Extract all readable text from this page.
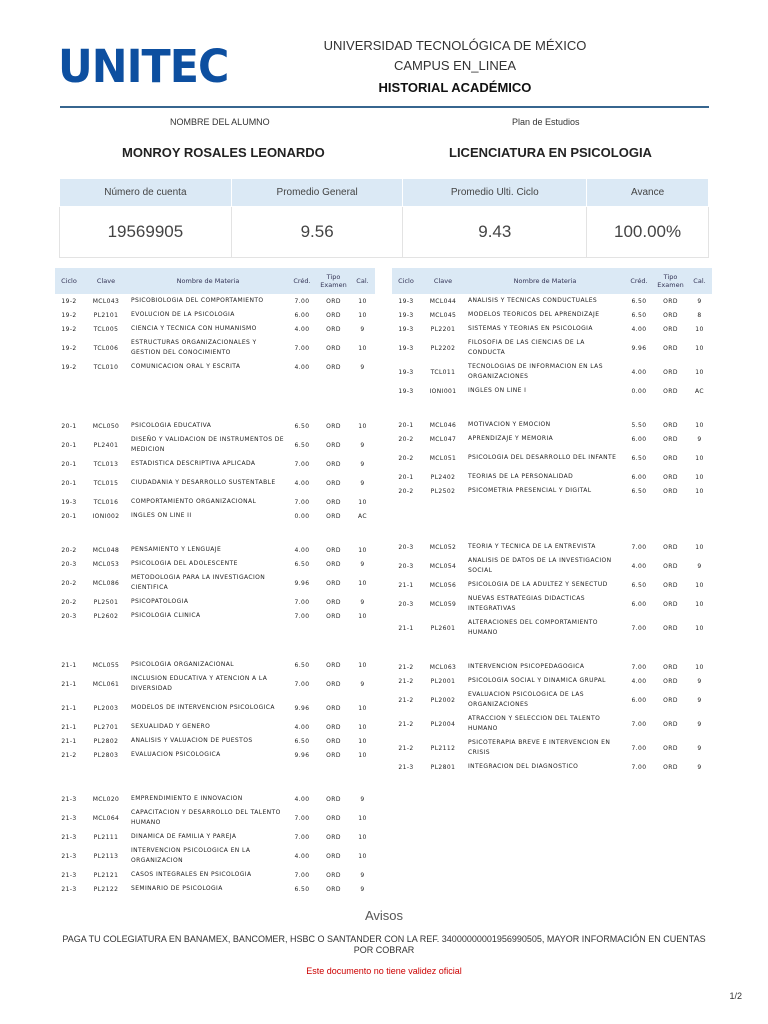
UNITEC	UNIVERSIDAD TECNOLÓGICA DE MÉXICO
CAMPUS EN_LINEA
HISTORIAL ACADÉMICO
NOMBRE DEL ALUMNO	Plan de Estudios
MONROY ROSALES LEONARDO	LICENCIATURA EN PSICOLOGIA
Número de cuenta	Promedio General	Promedio Ulti. Ciclo	Avance
19569905	9.56	9.43	100.00%
Ciclo	Clave	Nombre de Materia	Créd.	Tipo Examen	Cal.
19-2	MCL043	PSICOBIOLOGIA DEL COMPORTAMIENTO	7.00	ORD	10
19-2	PL2101	EVOLUCION DE LA PSICOLOGIA	6.00	ORD	10
19-2	TCL005	CIENCIA Y TECNICA CON HUMANISMO	4.00	ORD	9
19-2	TCL006	ESTRUCTURAS ORGANIZACIONALES Y GESTION DEL CONOCIMIENTO	7.00	ORD	10
19-2	TCL010	COMUNICACION ORAL Y ESCRITA	4.00	ORD	9

20-1	MCL050	PSICOLOGIA EDUCATIVA	6.50	ORD	10
20-1	PL2401	DISEÑO Y VALIDACION DE INSTRUMENTOS DE MEDICION	6.50	ORD	9
20-1	TCL013	ESTADISTICA DESCRIPTIVA APLICADA	7.00	ORD	9
20-1	TCL015	CIUDADANIA Y DESARROLLO SUSTENTABLE	4.00	ORD	9
19-3	TCL016	COMPORTAMIENTO ORGANIZACIONAL	7.00	ORD	10
20-1	IONI002	INGLES ON LINE II	0.00	ORD	AC

20-2	MCL048	PENSAMIENTO Y LENGUAJE	4.00	ORD	10
20-3	MCL053	PSICOLOGIA DEL ADOLESCENTE	6.50	ORD	9
20-2	MCL086	METODOLOGIA PARA LA INVESTIGACION CIENTIFICA	9.96	ORD	10
20-2	PL2501	PSICOPATOLOGIA	7.00	ORD	9
20-3	PL2602	PSICOLOGIA CLINICA	7.00	ORD	10

21-1	MCL055	PSICOLOGIA ORGANIZACIONAL	6.50	ORD	10
21-1	MCL061	INCLUSION EDUCATIVA Y ATENCION A LA DIVERSIDAD	7.00	ORD	9
21-1	PL2003	MODELOS DE INTERVENCION PSICOLOGICA	9.96	ORD	10
21-1	PL2701	SEXUALIDAD Y GENERO	4.00	ORD	10
21-1	PL2802	ANALISIS Y VALUACION DE PUESTOS	6.50	ORD	10
21-2	PL2803	EVALUACION PSICOLOGICA	9.96	ORD	10

21-3	MCL020	EMPRENDIMIENTO E INNOVACION	4.00	ORD	9
21-3	MCL064	CAPACITACION Y DESARROLLO DEL TALENTO HUMANO	7.00	ORD	10
21-3	PL2111	DINAMICA DE FAMILIA Y PAREJA	7.00	ORD	10
21-3	PL2113	INTERVENCION PSICOLOGICA EN LA ORGANIZACION	4.00	ORD	10
21-3	PL2121	CASOS INTEGRALES EN PSICOLOGIA	7.00	ORD	9
21-3	PL2122	SEMINARIO DE PSICOLOGIA	6.50	ORD	9
Ciclo	Clave	Nombre de Materia	Créd.	Tipo Examen	Cal.
19-3	MCL044	ANALISIS Y TECNICAS CONDUCTUALES	6.50	ORD	9
19-3	MCL045	MODELOS TEORICOS DEL APRENDIZAJE	6.50	ORD	8
19-3	PL2201	SISTEMAS Y TEORIAS EN PSICOLOGIA	4.00	ORD	10
19-3	PL2202	FILOSOFIA DE LAS CIENCIAS DE LA CONDUCTA	9.96	ORD	10
19-3	TCL011	TECNOLOGIAS DE INFORMACION EN LAS ORGANIZACIONES	4.00	ORD	10
19-3	IONI001	INGLES ON LINE I	0.00	ORD	AC

20-1	MCL046	MOTIVACION Y EMOCION	5.50	ORD	10
20-2	MCL047	APRENDIZAJE Y MEMORIA	6.00	ORD	9
20-2	MCL051	PSICOLOGIA DEL DESARROLLO DEL INFANTE	6.50	ORD	10
20-1	PL2402	TEORIAS DE LA PERSONALIDAD	6.00	ORD	10
20-2	PL2502	PSICOMETRIA PRESENCIAL Y DIGITAL	6.50	ORD	10

20-3	MCL052	TEORIA Y TECNICA DE LA ENTREVISTA	7.00	ORD	10
20-3	MCL054	ANALISIS DE DATOS DE LA INVESTIGACION SOCIAL	4.00	ORD	9
21-1	MCL056	PSICOLOGIA DE LA ADULTEZ Y SENECTUD	6.50	ORD	10
20-3	MCL059	NUEVAS ESTRATEGIAS DIDACTICAS INTEGRATIVAS	6.00	ORD	10
21-1	PL2601	ALTERACIONES DEL COMPORTAMIENTO HUMANO	7.00	ORD	10

21-2	MCL063	INTERVENCION PSICOPEDAGOGICA	7.00	ORD	10
21-2	PL2001	PSICOLOGIA SOCIAL Y DINAMICA GRUPAL	4.00	ORD	9
21-2	PL2002	EVALUACION PSICOLOGICA DE LAS ORGANIZACIONES	6.00	ORD	9
21-2	PL2004	ATRACCION Y SELECCION DEL TALENTO HUMANO	7.00	ORD	9
21-2	PL2112	PSICOTERAPIA BREVE E INTERVENCION EN CRISIS	7.00	ORD	9
21-3	PL2801	INTEGRACION DEL DIAGNOSTICO	7.00	ORD	9
Avisos
PAGA TU COLEGIATURA EN BANAMEX, BANCOMER, HSBC O SANTANDER CON LA REF. 34000000001956990505, MAYOR INFORMACIÓN EN CUENTAS POR COBRAR
Este documento no tiene validez oficial
1/2
